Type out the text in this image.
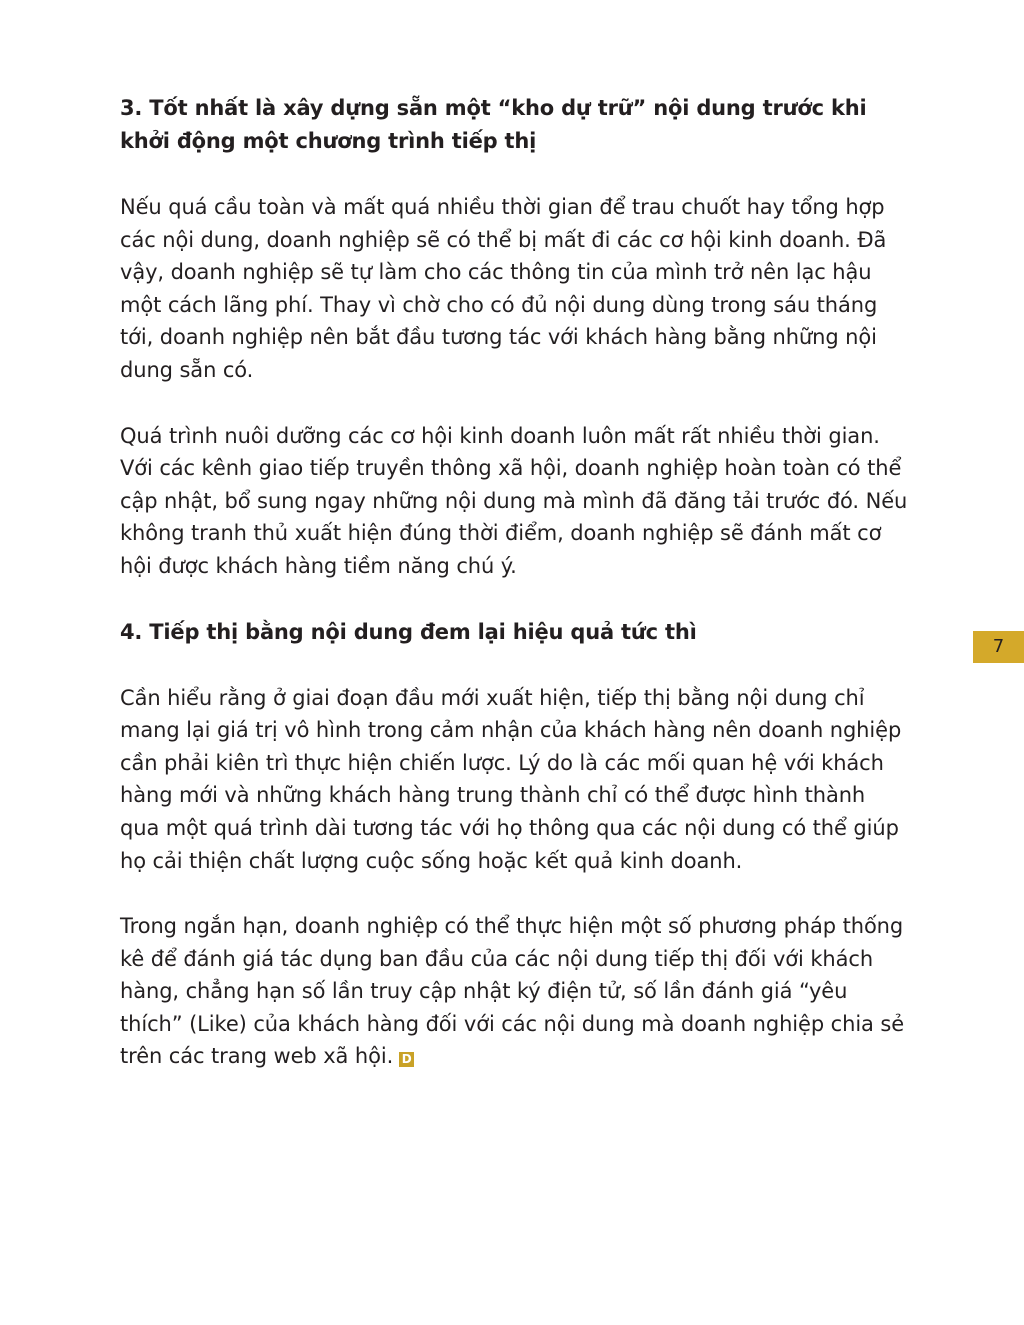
3. Tốt nhất là xây dựng sẵn một “kho dự trữ” nội dung trước khi khởi động một chương trình tiếp thị

Nếu quá cầu toàn và mất quá nhiều thời gian để trau chuốt hay tổng hợp các nội dung, doanh nghiệp sẽ có thể bị mất đi các cơ hội kinh doanh. Đã vậy, doanh nghiệp sẽ tự làm cho các thông tin của mình trở nên lạc hậu một cách lãng phí. Thay vì chờ cho có đủ nội dung dùng trong sáu tháng tới, doanh nghiệp nên bắt đầu tương tác với khách hàng bằng những nội dung sẵn có.

Quá trình nuôi dưỡng các cơ hội kinh doanh luôn mất rất nhiều thời gian. Với các kênh giao tiếp truyền thông xã hội, doanh nghiệp hoàn toàn có thể cập nhật, bổ sung ngay những nội dung mà mình đã đăng tải trước đó. Nếu không tranh thủ xuất hiện đúng thời điểm, doanh nghiệp sẽ đánh mất cơ hội được khách hàng tiềm năng chú ý.

4. Tiếp thị bằng nội dung đem lại hiệu quả tức thì

Cần hiểu rằng ở giai đoạn đầu mới xuất hiện, tiếp thị bằng nội dung chỉ mang lại giá trị vô hình trong cảm nhận của khách hàng nên doanh nghiệp cần phải kiên trì thực hiện chiến lược. Lý do là các mối quan hệ với khách hàng mới và những khách hàng trung thành chỉ có thể được hình thành qua một quá trình dài tương tác với họ thông qua các nội dung có thể giúp họ cải thiện chất lượng cuộc sống hoặc kết quả kinh doanh.

Trong ngắn hạn, doanh nghiệp có thể thực hiện một số phương pháp thống kê để đánh giá tác dụng ban đầu của các nội dung tiếp thị đối với khách hàng, chẳng hạn số lần truy cập nhật ký điện tử, số lần đánh giá “yêu thích” (Like) của khách hàng đối với các nội dung mà doanh nghiệp chia sẻ trên các trang web xã hội. D

7
